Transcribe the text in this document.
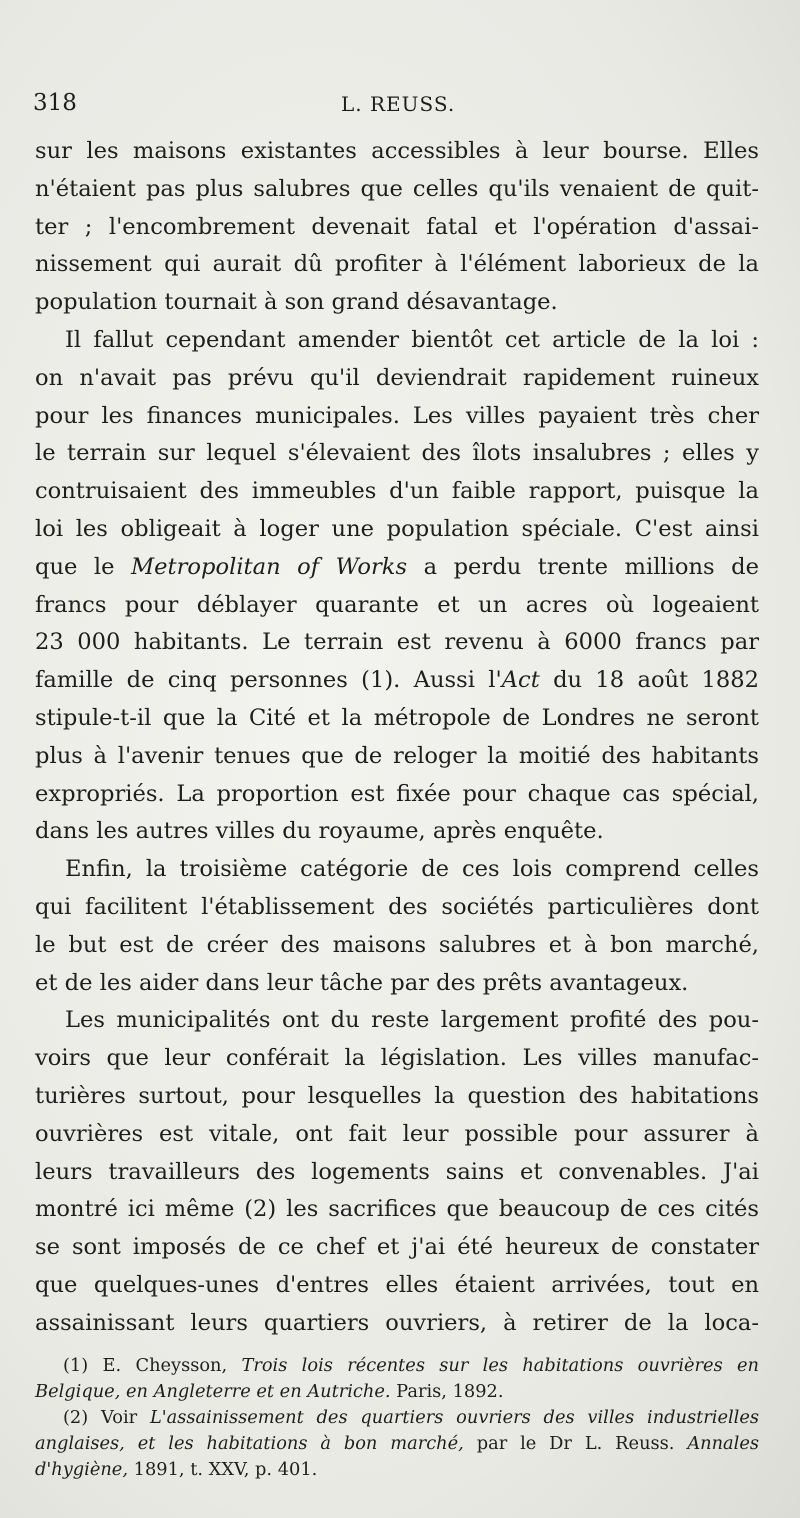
318	L. REUSS.
sur les maisons existantes accessibles à leur bourse. Elles
n'étaient pas plus salubres que celles qu'ils venaient de quit-
ter ; l'encombrement devenait fatal et l'opération d'assai-
nissement qui aurait dû profiter à l'élément laborieux de la
population tournait à son grand désavantage.
Il fallut cependant amender bientôt cet article de la loi :
on n'avait pas prévu qu'il deviendrait rapidement ruineux
pour les finances municipales. Les villes payaient très cher
le terrain sur lequel s'élevaient des îlots insalubres ; elles y
contruisaient des immeubles d'un faible rapport, puisque la
loi les obligeait à loger une population spéciale. C'est ainsi
que le Metropolitan of Works a perdu trente millions de
francs pour déblayer quarante et un acres où logeaient
23 000 habitants. Le terrain est revenu à 6000 francs par
famille de cinq personnes (1). Aussi l'Act du 18 août 1882
stipule-t-il que la Cité et la métropole de Londres ne seront
plus à l'avenir tenues que de reloger la moitié des habitants
expropriés. La proportion est fixée pour chaque cas spécial,
dans les autres villes du royaume, après enquête.
Enfin, la troisième catégorie de ces lois comprend celles
qui facilitent l'établissement des sociétés particulières dont
le but est de créer des maisons salubres et à bon marché,
et de les aider dans leur tâche par des prêts avantageux.
Les municipalités ont du reste largement profité des pou-
voirs que leur conférait la législation. Les villes manufac-
turières surtout, pour lesquelles la question des habitations
ouvrières est vitale, ont fait leur possible pour assurer à
leurs travailleurs des logements sains et convenables. J'ai
montré ici même (2) les sacrifices que beaucoup de ces cités
se sont imposés de ce chef et j'ai été heureux de constater
que quelques-unes d'entres elles étaient arrivées, tout en
assainissant leurs quartiers ouvriers, à retirer de la loca-
(1) E. Cheysson, Trois lois récentes sur les habitations ouvrières en
Belgique, en Angleterre et en Autriche. Paris, 1892.
(2) Voir L'assainissement des quartiers ouvriers des villes industrielles
anglaises, et les habitations à bon marché, par le Dr L. Reuss. Annales
d'hygiène, 1891, t. XXV, p. 401.
